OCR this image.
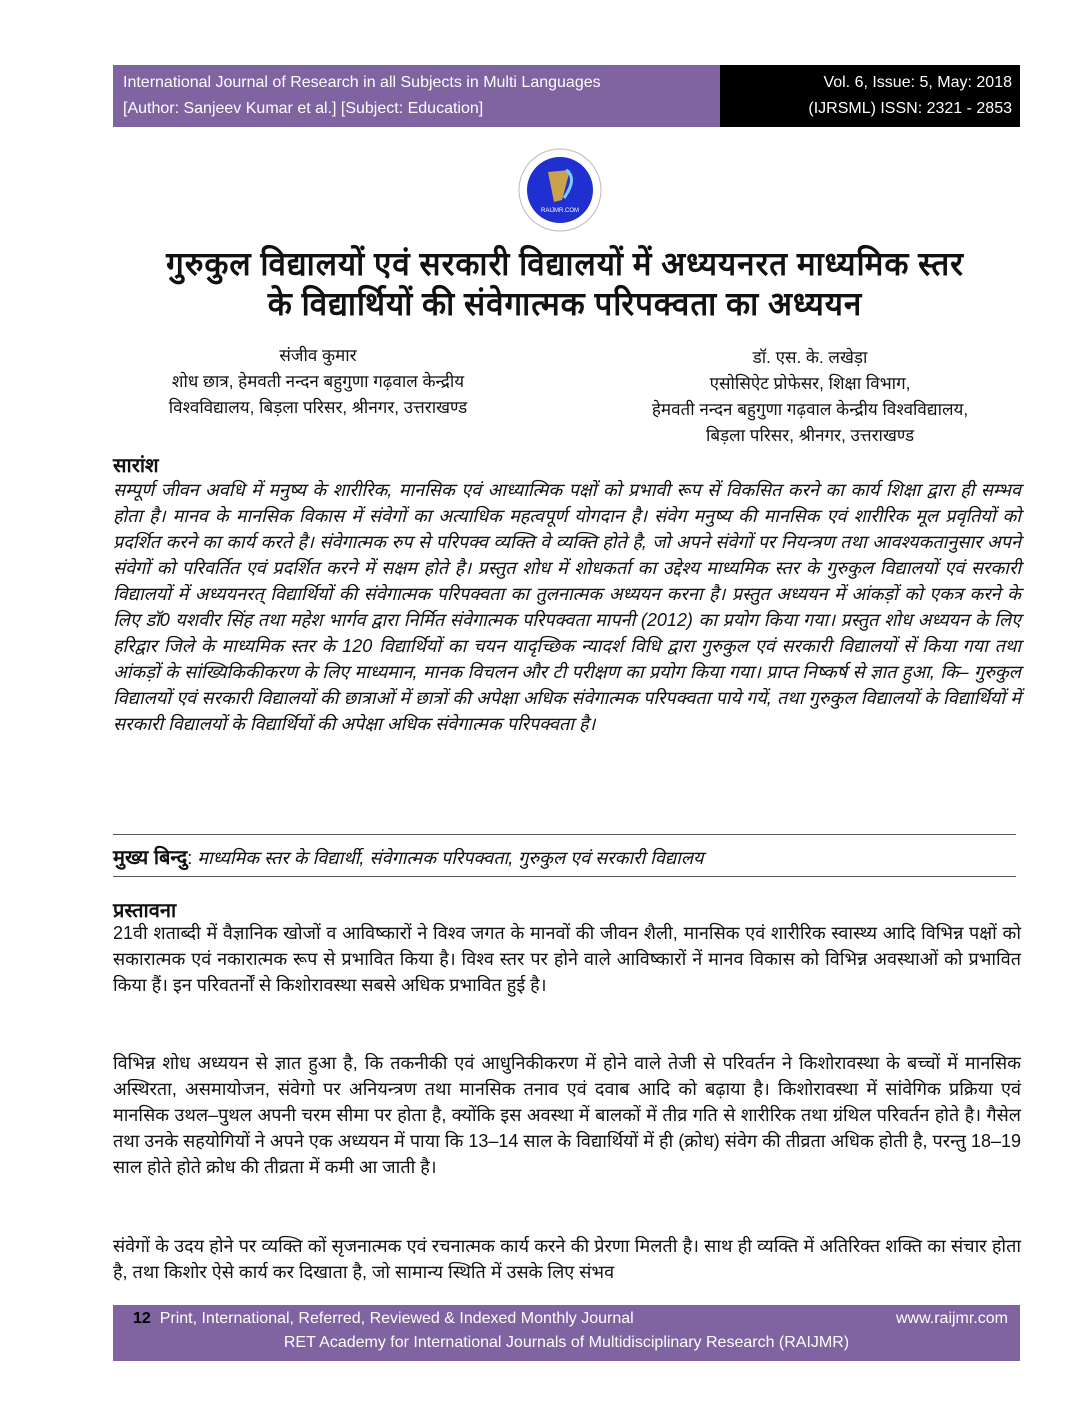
International Journal of Research in all Subjects in Multi Languages
[Author: Sanjeev Kumar et al.] [Subject: Education]
Vol. 6, Issue: 5, May: 2018
(IJRSML) ISSN: 2321 - 2853
RAIJMR.COM
गुरुकुल विद्यालयों एवं सरकारी विद्यालयों में अध्ययनरत माध्यमिक स्तर
के विद्यार्थियों की संवेगात्मक परिपक्वता का अध्ययन
संजीव कुमार
शोध छात्र, हेमवती नन्दन बहुगुणा गढ़वाल केन्द्रीय
विश्वविद्यालय, बिड़ला परिसर, श्रीनगर, उत्तराखण्ड
डॉ. एस. के. लखेड़ा
एसोसिऐट प्रोफेसर, शिक्षा विभाग,
हेमवती नन्दन बहुगुणा गढ़वाल केन्द्रीय विश्वविद्यालय,
बिड़ला परिसर, श्रीनगर, उत्तराखण्ड
सारांश
सम्पूर्ण जीवन अवधि में मनुष्य के शारीरिक, मानसिक एवं आध्यात्मिक पक्षों को प्रभावी रूप सें विकसित करने का कार्य शिक्षा द्वारा ही सम्भव होता है। मानव के मानसिक विकास में संवेगों का अत्याधिक महत्वपूर्ण योगदान है। संवेग मनुष्य की मानसिक एवं शारीरिक मूल प्रवृतियों को प्रदर्शित करने का कार्य करते है। संवेगात्मक रुप से परिपक्व व्यक्ति वे व्यक्ति होते है, जो अपने संवेगों पर नियन्त्रण तथा आवश्यकतानुसार अपने संवेगों को परिवर्तित एवं प्रदर्शित करने में सक्षम होते है। प्रस्तुत शोध में शोधकर्ता का उद्देश्य माध्यमिक स्तर के गुरुकुल विद्यालयों एवं सरकारी विद्यालयों में अध्ययनरत् विद्यार्थियों की संवेगात्मक परिपक्वता का तुलनात्मक अध्ययन करना है। प्रस्तुत अध्ययन में आंकड़ों को एकत्र करने के लिए डॉ0 यशवीर सिंह तथा महेश भार्गव द्वारा निर्मित संवेगात्मक परिपक्वता मापनी (2012) का प्रयोग किया गया। प्रस्तुत शोध अध्ययन के लिए हरिद्वार जिले के माध्यमिक स्तर के 120 विद्यार्थियों का चयन यादृच्छिक न्यादर्श विधि द्वारा गुरुकुल एवं सरकारी विद्यालयों सें किया गया तथा आंकड़ों के सांख्यिकिकीकरण के लिए माध्यमान, मानक विचलन और टी परीक्षण का प्रयोग किया गया। प्राप्त निष्कर्ष से ज्ञात हुआ, कि– गुरुकुल विद्यालयों एवं सरकारी विद्यालयों की छात्राओं में छात्रों की अपेक्षा अधिक संवेगात्मक परिपक्वता पाये गयें, तथा गुरुकुल विद्यालयों के विद्यार्थियों में सरकारी विद्यालयों के विद्यार्थियों की अपेक्षा अधिक संवेगात्मक परिपक्वता है।
मुख्य बिन्दु: माध्यमिक स्तर के विद्यार्थी, संवेगात्मक परिपक्वता, गुरुकुल एवं सरकारी विद्यालय
प्रस्तावना
21वी शताब्दी में वैज्ञानिक खोजों व आविष्कारों ने विश्व जगत के मानवों की जीवन शैली, मानसिक एवं शारीरिक स्वास्थ्य आदि विभिन्न पक्षों को सकारात्मक एवं नकारात्मक रूप से प्रभावित किया है। विश्व स्तर पर होने वाले आविष्कारों नें मानव विकास को विभिन्न अवस्थाओं को प्रभावित किया हैं। इन परिवतर्नों से किशोरावस्था सबसे अधिक प्रभावित हुई है।
विभिन्न शोध अध्ययन से ज्ञात हुआ है, कि तकनीकी एवं आधुनिकीकरण में होने वाले तेजी से परिवर्तन ने किशोरावस्था के बच्चों में मानसिक अस्थिरता, असमायोजन, संवेगो पर अनियन्त्रण तथा मानसिक तनाव एवं दवाब आदि को बढ़ाया है। किशोरावस्था में सांवेगिक प्रक्रिया एवं मानसिक उथल–पुथल अपनी चरम सीमा पर होता है, क्योंकि इस अवस्था में बालकों में तीव्र गति से शारीरिक तथा ग्रंथिल परिवर्तन होते है। गैसेल तथा उनके सहयोगियों ने अपने एक अध्ययन में पाया कि 13–14 साल के विद्यार्थियों में ही (क्रोध) संवेग की तीव्रता अधिक होती है, परन्तु 18–19 साल होते होते क्रोध की तीव्रता में कमी आ जाती है।
संवेगों के उदय होने पर व्यक्ति कों सृजनात्मक एवं रचनात्मक कार्य करने की प्रेरणा मिलती है। साथ ही व्यक्ति में अतिरिक्त शक्ति का संचार होता है, तथा किशोर ऐसे कार्य कर दिखाता है, जो सामान्य स्थिति में उसके लिए संभव
12 Print, International, Referred, Reviewed & Indexed Monthly Journal	www.raijmr.com
RET Academy for International Journals of Multidisciplinary Research (RAIJMR)
